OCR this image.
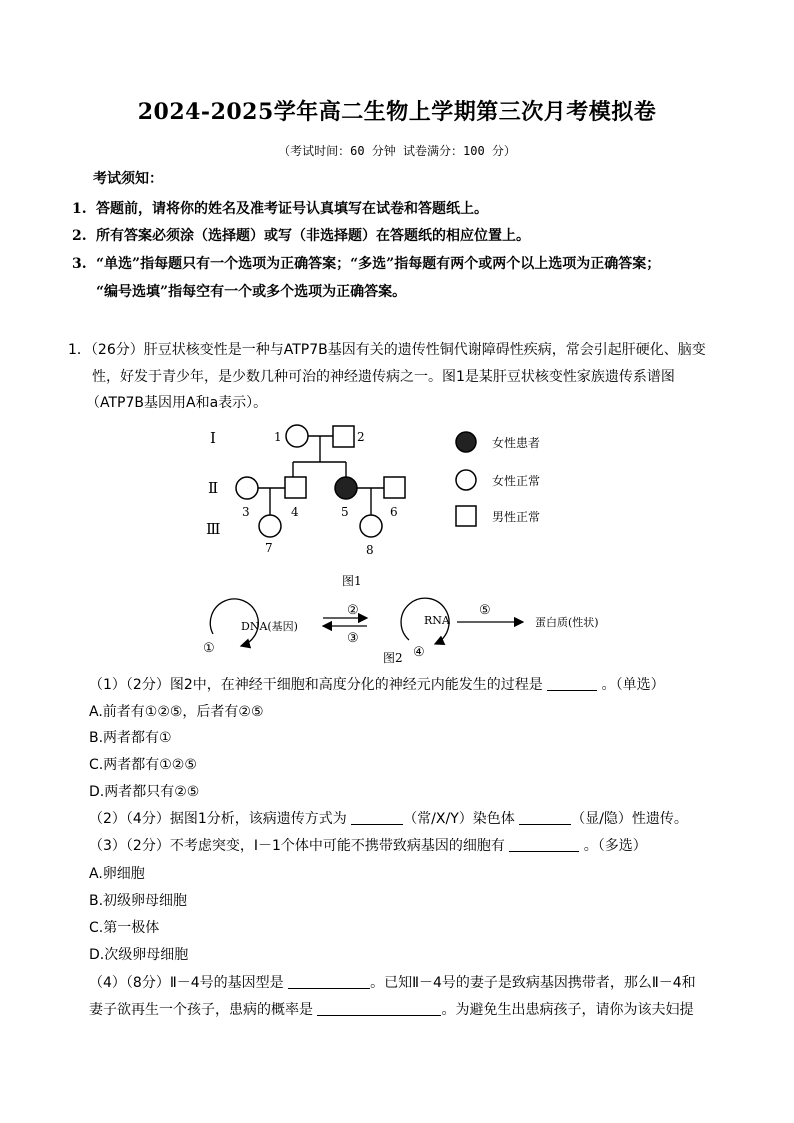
2024-2025学年高二生物上学期第三次月考模拟卷
（考试时间：60 分钟 试卷满分：100 分）
考试须知：
1. 答题前，请将你的姓名及准考证号认真填写在试卷和答题纸上。
2. 所有答案必须涂（选择题）或写（非选择题）在答题纸的相应位置上。
3. “单选”指每题只有一个选项为正确答案；“多选”指每题有两个或两个以上选项为正确答案；
“编号选填”指每空有一个或多个选项为正确答案。
1．（26分）肝豆状核变性是一种与ATP7B基因有关的遗传性铜代谢障碍性疾病，常会引起肝硬化、脑变
性，好发于青少年，是少数几种可治的神经遗传病之一。图1是某肝豆状核变性家族遗传系谱图
（ATP7B基因用A和a表示）。
Ⅰ
Ⅱ
Ⅲ
1	2
3	4	5	6
7	8
女性患者
女性正常
男性正常
图1
DNA(基因)	RNA	蛋白质(性状)
①
②
③
④
⑤
图2
（1）（2分）图2中，在神经干细胞和高度分化的神经元内能发生的过程是	。（单选）
A.前者有①②⑤，后者有②⑤
B.两者都有①
C.两者都有①②⑤
D.两者都只有②⑤
（2）（4分）据图1分析，该病遗传方式为	（常/X/Y）染色体	（显/隐）性遗传。
（3）（2分）不考虑突变，Ⅰ－1个体中可能不携带致病基因的细胞有	。（多选）
A.卵细胞
B.初级卵母细胞
C.第一极体
D.次级卵母细胞
（4）（8分）Ⅱ－4号的基因型是	。已知Ⅱ－4号的妻子是致病基因携带者，那么Ⅱ－4和
妻子欲再生一个孩子，患病的概率是	。为避免生出患病孩子，请你为该夫妇提
